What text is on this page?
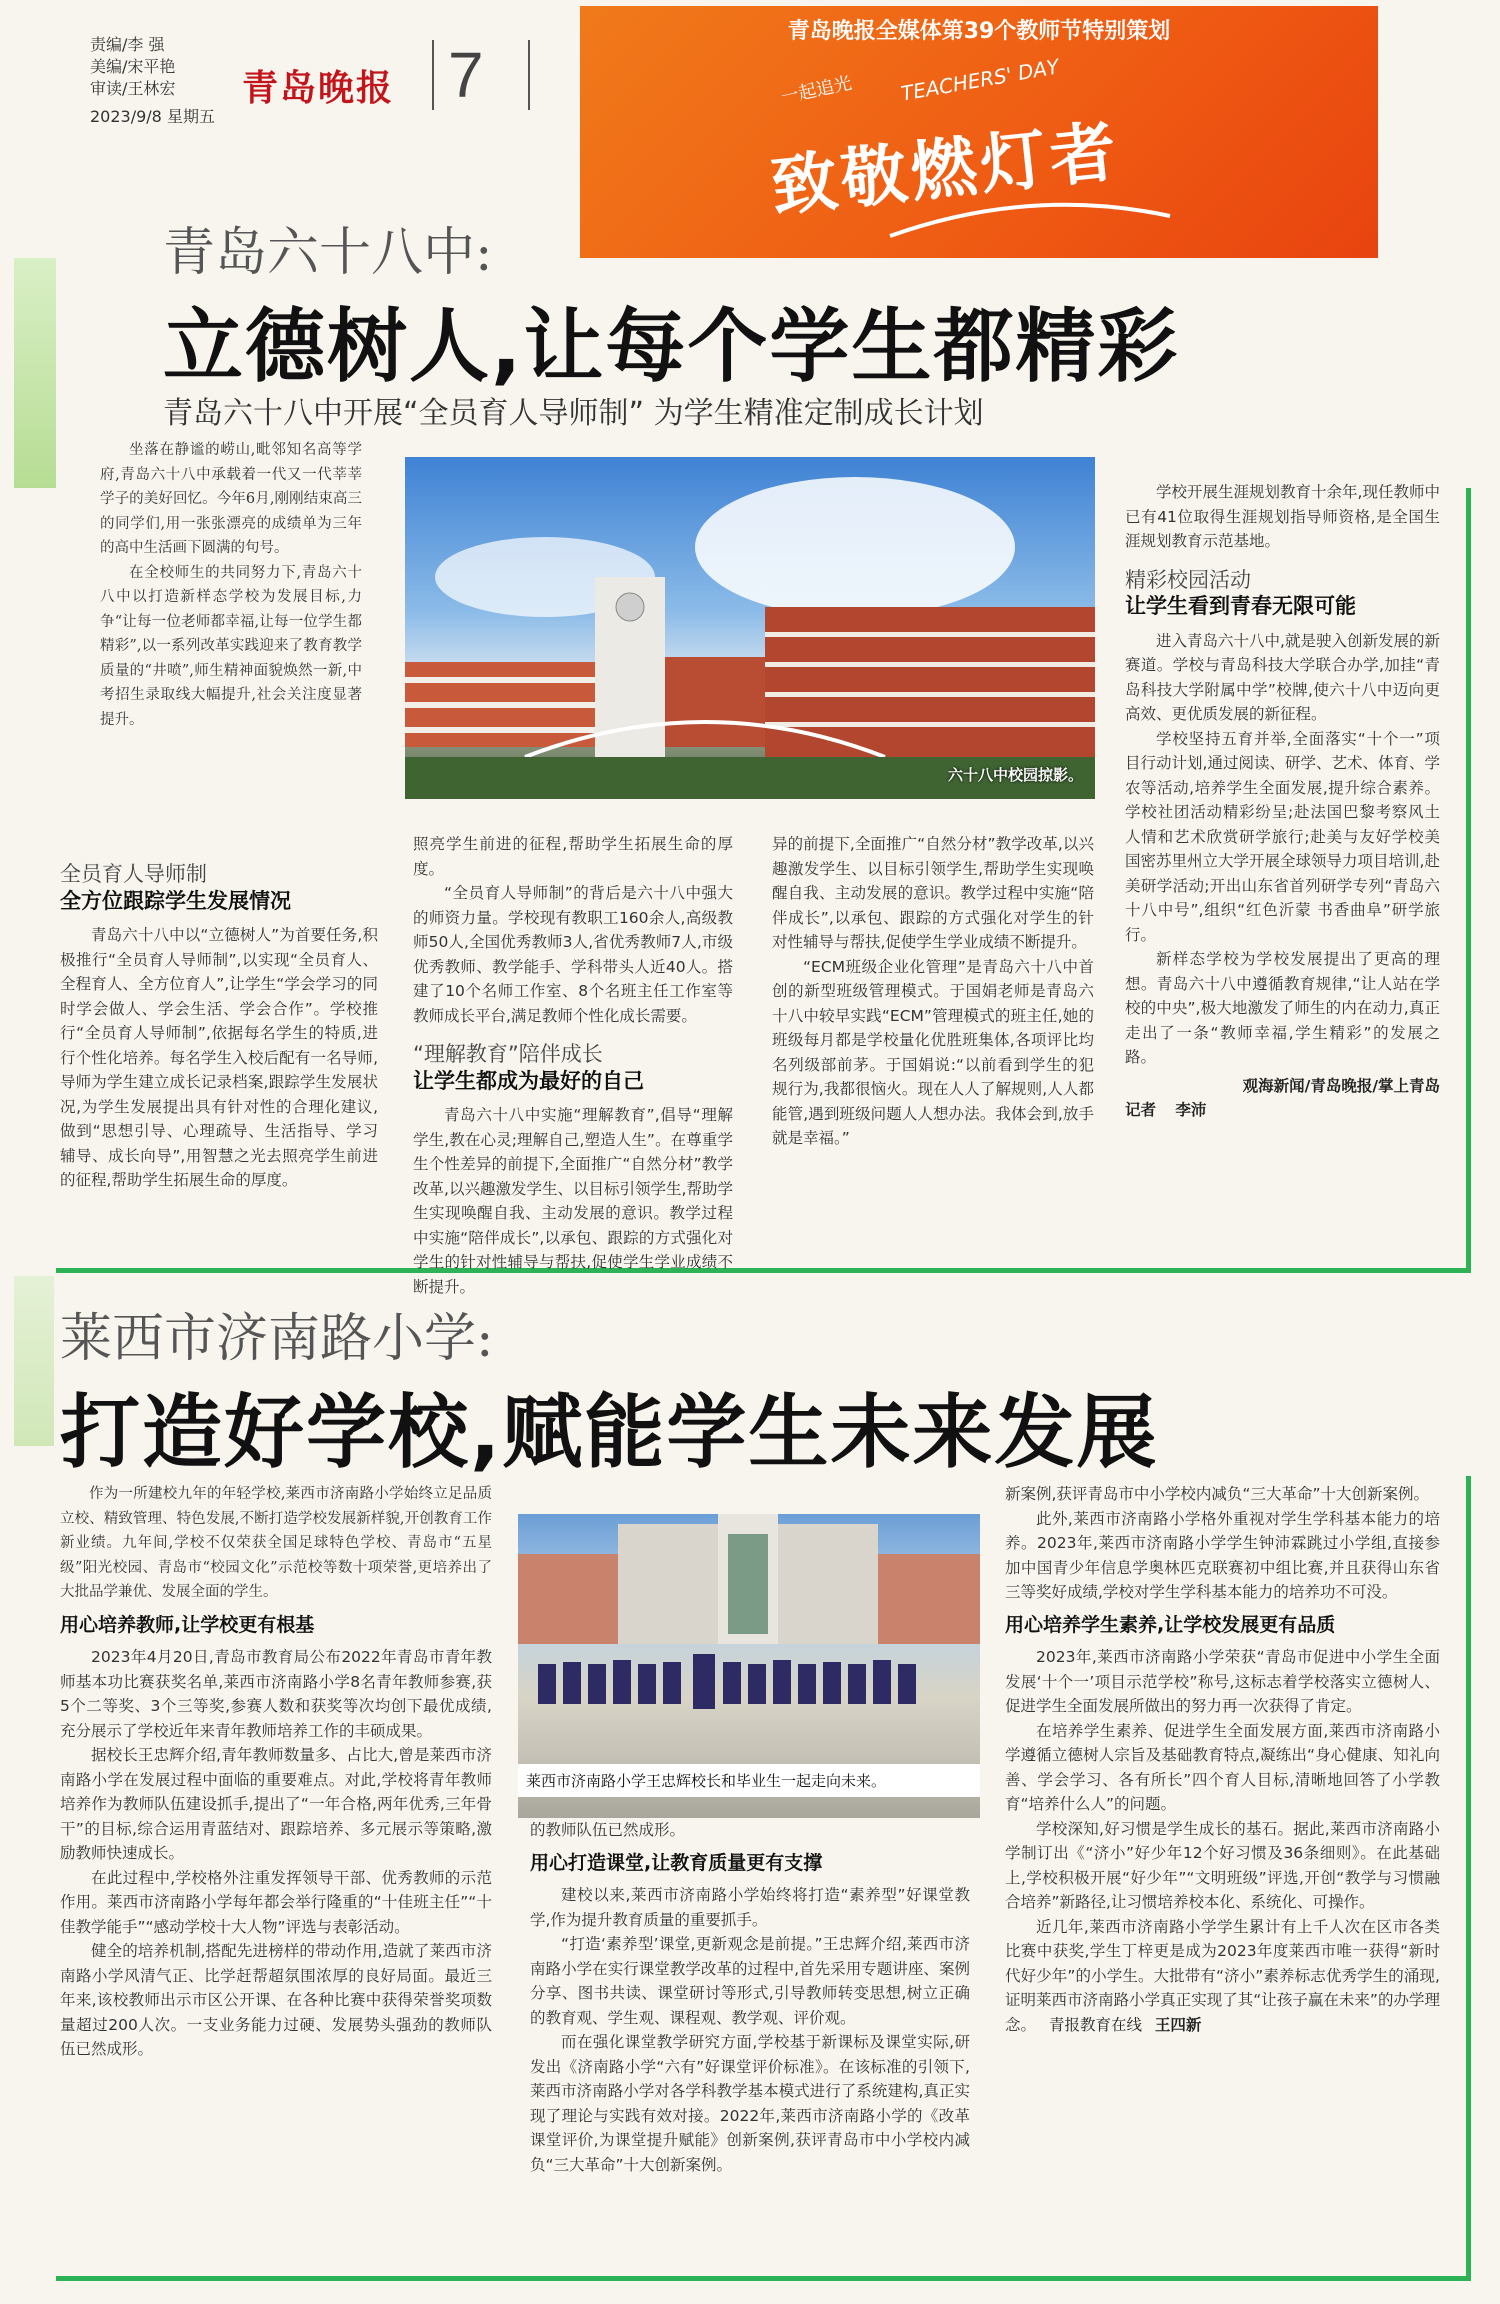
责编/李 强
美编/宋平艳
审读/王林宏
2023/9/8 星期五
青岛晚报 7
青岛晚报全媒体第39个教师节特别策划
一起追光 TEACHERS' DAY
致敬燃灯者
青岛六十八中:
立德树人,让每个学生都精彩
青岛六十八中开展“全员育人导师制” 为学生精准定制成长计划

坐落在静谧的崂山,毗邻知名高等学府,青岛六十八中承载着一代又一代莘莘学子的美好回忆。今年6月,刚刚结束高三的同学们,用一张张漂亮的成绩单为三年的高中生活画下圆满的句号。

在全校师生的共同努力下,青岛六十八中以打造新样态学校为发展目标,力争“让每一位老师都幸福,让每一位学生都精彩”,以一系列改革实践迎来了教育教学质量的“井喷”,师生精神面貌焕然一新,中考招生录取线大幅提升,社会关注度显著提升。

六十八中校园掠影。
全员育人导师制
全方位跟踪学生发展情况

青岛六十八中以“立德树人”为首要任务,积极推行“全员育人导师制”,以实现“全员育人、全程育人、全方位育人”,让学生“学会学习的同时学会做人、学会生活、学会合作”。学校推行“全员育人导师制”,依据每名学生的特质,进行个性化培养。每名学生入校后配有一名导师,导师为学生建立成长记录档案,跟踪学生发展状况,为学生发展提出具有针对性的合理化建议,做到“思想引导、心理疏导、生活指导、学习辅导、成长向导”,用智慧之光去照亮学生前进的征程,帮助学生拓展生命的厚度。

照亮学生前进的征程,帮助学生拓展生命的厚度。

“全员育人导师制”的背后是六十八中强大的师资力量。学校现有教职工160余人,高级教师50人,全国优秀教师3人,省优秀教师7人,市级优秀教师、教学能手、学科带头人近40人。搭建了10个名师工作室、8个名班主任工作室等教师成长平台,满足教师个性化成长需要。

“理解教育”陪伴成长
让学生都成为最好的自己

青岛六十八中实施“理解教育”,倡导“理解学生,教在心灵;理解自己,塑造人生”。在尊重学生个性差异的前提下,全面推广“自然分材”教学改革,以兴趣激发学生、以目标引领学生,帮助学生实现唤醒自我、主动发展的意识。教学过程中实施“陪伴成长”,以承包、跟踪的方式强化对学生的针对性辅导与帮扶,促使学生学业成绩不断提升。

异的前提下,全面推广“自然分材”教学改革,以兴趣激发学生、以目标引领学生,帮助学生实现唤醒自我、主动发展的意识。教学过程中实施“陪伴成长”,以承包、跟踪的方式强化对学生的针对性辅导与帮扶,促使学生学业成绩不断提升。

“ECM班级企业化管理”是青岛六十八中首创的新型班级管理模式。于国娟老师是青岛六十八中较早实践“ECM”管理模式的班主任,她的班级每月都是学校量化优胜班集体,各项评比均名列级部前茅。于国娟说:“以前看到学生的犯规行为,我都很恼火。现在人人了解规则,人人都能管,遇到班级问题人人想办法。我体会到,放手就是幸福。”

学校开展生涯规划教育十余年,现任教师中已有41位取得生涯规划指导师资格,是全国生涯规划教育示范基地。

精彩校园活动
让学生看到青春无限可能

进入青岛六十八中,就是驶入创新发展的新赛道。学校与青岛科技大学联合办学,加挂“青岛科技大学附属中学”校牌,使六十八中迈向更高效、更优质发展的新征程。

学校坚持五育并举,全面落实“十个一”项目行动计划,通过阅读、研学、艺术、体育、学农等活动,培养学生全面发展,提升综合素养。学校社团活动精彩纷呈;赴法国巴黎考察风土人情和艺术欣赏研学旅行;赴美与友好学校美国密苏里州立大学开展全球领导力项目培训,赴美研学活动;开出山东省首列研学专列“青岛六十八中号”,组织“红色沂蒙 书香曲阜”研学旅行。

新样态学校为学校发展提出了更高的理想。青岛六十八中遵循教育规律,“让人站在学校的中央”,极大地激发了师生的内在动力,真正走出了一条“教师幸福,学生精彩”的发展之路。

观海新闻/青岛晚报/掌上青岛
记者 李沛
莱西市济南路小学:
打造好学校,赋能学生未来发展

作为一所建校九年的年轻学校,莱西市济南路小学始终立足品质立校、精致管理、特色发展,不断打造学校发展新样貌,开创教育工作新业绩。九年间,学校不仅荣获全国足球特色学校、青岛市“五星级”阳光校园、青岛市“校园文化”示范校等数十项荣誉,更培养出了大批品学兼优、发展全面的学生。

用心培养教师,让学校更有根基

2023年4月20日,青岛市教育局公布2022年青岛市青年教师基本功比赛获奖名单,莱西市济南路小学8名青年教师参赛,获5个二等奖、3个三等奖,参赛人数和获奖等次均创下最优成绩,充分展示了学校近年来青年教师培养工作的丰硕成果。

据校长王忠辉介绍,青年教师数量多、占比大,曾是莱西市济南路小学在发展过程中面临的重要难点。对此,学校将青年教师培养作为教师队伍建设抓手,提出了“一年合格,两年优秀,三年骨干”的目标,综合运用青蓝结对、跟踪培养、多元展示等策略,激励教师快速成长。

在此过程中,学校格外注重发挥领导干部、优秀教师的示范作用。莱西市济南路小学每年都会举行隆重的“十佳班主任”“十佳教学能手”“感动学校十大人物”评选与表彰活动。

健全的培养机制,搭配先进榜样的带动作用,造就了莱西市济南路小学风清气正、比学赶帮超氛围浓厚的良好局面。最近三年来,该校教师出示市区公开课、在各种比赛中获得荣誉奖项数量超过200人次。一支业务能力过硬、发展势头强劲的教师队伍已然成形。

莱西市济南路小学王忠辉校长和毕业生一起走向未来。

的教师队伍已然成形。

用心打造课堂,让教育质量更有支撑

建校以来,莱西市济南路小学始终将打造“素养型”好课堂教学,作为提升教育质量的重要抓手。

“打造‘素养型’课堂,更新观念是前提。”王忠辉介绍,莱西市济南路小学在实行课堂教学改革的过程中,首先采用专题讲座、案例分享、图书共读、课堂研讨等形式,引导教师转变思想,树立正确的教育观、学生观、课程观、教学观、评价观。

而在强化课堂教学研究方面,学校基于新课标及课堂实际,研发出《济南路小学“六有”好课堂评价标准》。在该标准的引领下,莱西市济南路小学对各学科教学基本模式进行了系统建构,真正实现了理论与实践有效对接。2022年,莱西市济南路小学的《改革课堂评价,为课堂提升赋能》创新案例,获评青岛市中小学校内减负“三大革命”十大创新案例。

新案例,获评青岛市中小学校内减负“三大革命”十大创新案例。

此外,莱西市济南路小学格外重视对学生学科基本能力的培养。2023年,莱西市济南路小学学生钟沛霖跳过小学组,直接参加中国青少年信息学奥林匹克联赛初中组比赛,并且获得山东省三等奖好成绩,学校对学生学科基本能力的培养功不可没。

用心培养学生素养,让学校发展更有品质

2023年,莱西市济南路小学荣获“青岛市促进中小学生全面发展‘十个一’项目示范学校”称号,这标志着学校落实立德树人、促进学生全面发展所做出的努力再一次获得了肯定。

在培养学生素养、促进学生全面发展方面,莱西市济南路小学遵循立德树人宗旨及基础教育特点,凝练出“身心健康、知礼向善、学会学习、各有所长”四个育人目标,清晰地回答了小学教育“培养什么人”的问题。

学校深知,好习惯是学生成长的基石。据此,莱西市济南路小学制订出《“济小”好少年12个好习惯及36条细则》。在此基础上,学校积极开展“好少年”“文明班级”评选,开创“教学与习惯融合培养”新路径,让习惯培养校本化、系统化、可操作。

近几年,莱西市济南路小学学生累计有上千人次在区市各类比赛中获奖,学生丁梓更是成为2023年度莱西市唯一获得“新时代好少年”的小学生。大批带有“济小”素养标志优秀学生的涌现,证明莱西市济南路小学真正实现了其“让孩子赢在未来”的办学理念。 青报教育在线 王四新
